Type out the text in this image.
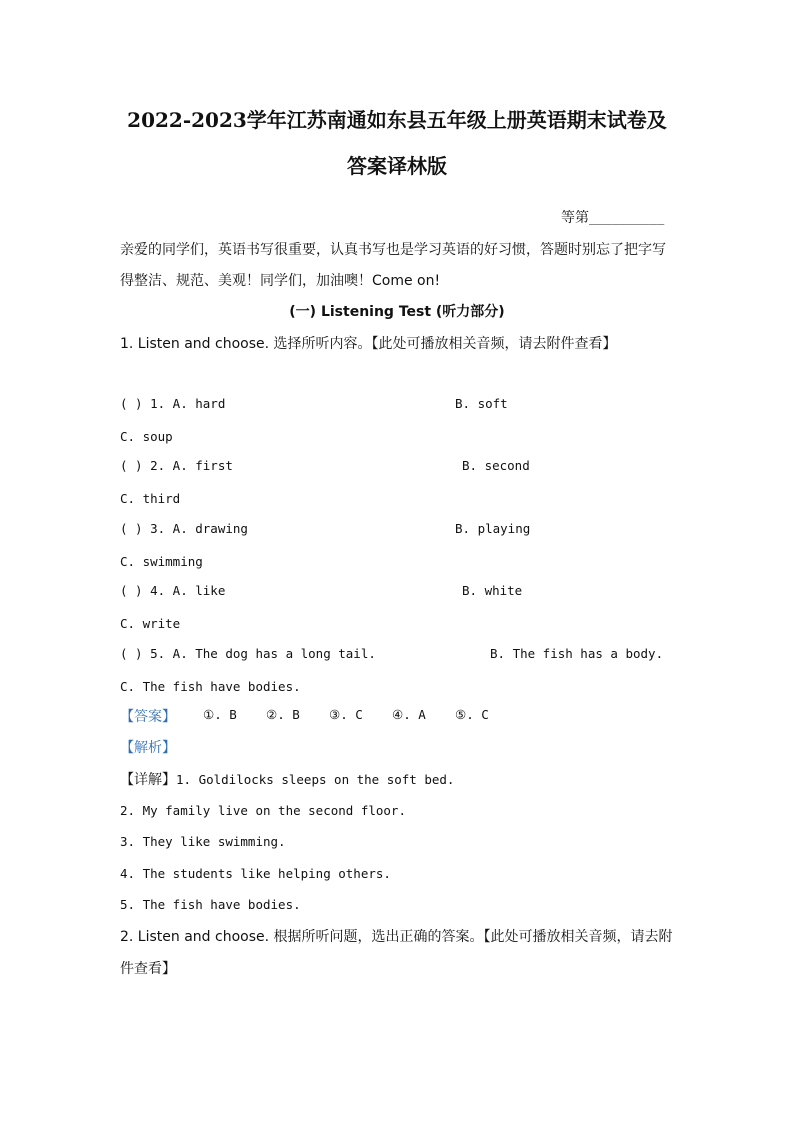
2022-2023学年江苏南通如东县五年级上册英语期末试卷及
答案译林版
等第__________
亲爱的同学们，英语书写很重要，认真书写也是学习英语的好习惯，答题时别忘了把字写
得整洁、规范、美观！同学们，加油噢！Come on!
(一) Listening Test (听力部分)
1. Listen and choose. 选择所听内容。【此处可播放相关音频，请去附件查看】
( ) 1. A. hard	B. soft
C. soup
( ) 2. A. first	B. second
C. third
( ) 3. A. drawing	B. playing
C. swimming
( ) 4. A. like	B. white
C. write
( ) 5. A. The dog has a long tail.	B. The fish has a body.
C. The fish have bodies.
【答案】 ①. B ②. B ③. C ④. A ⑤. C
【解析】
【详解】1. Goldilocks sleeps on the soft bed.
2. My family live on the second floor.
3. They like swimming.
4. The students like helping others.
5. The fish have bodies.
2. Listen and choose. 根据所听问题，选出正确的答案。【此处可播放相关音频，请去附
件查看】
